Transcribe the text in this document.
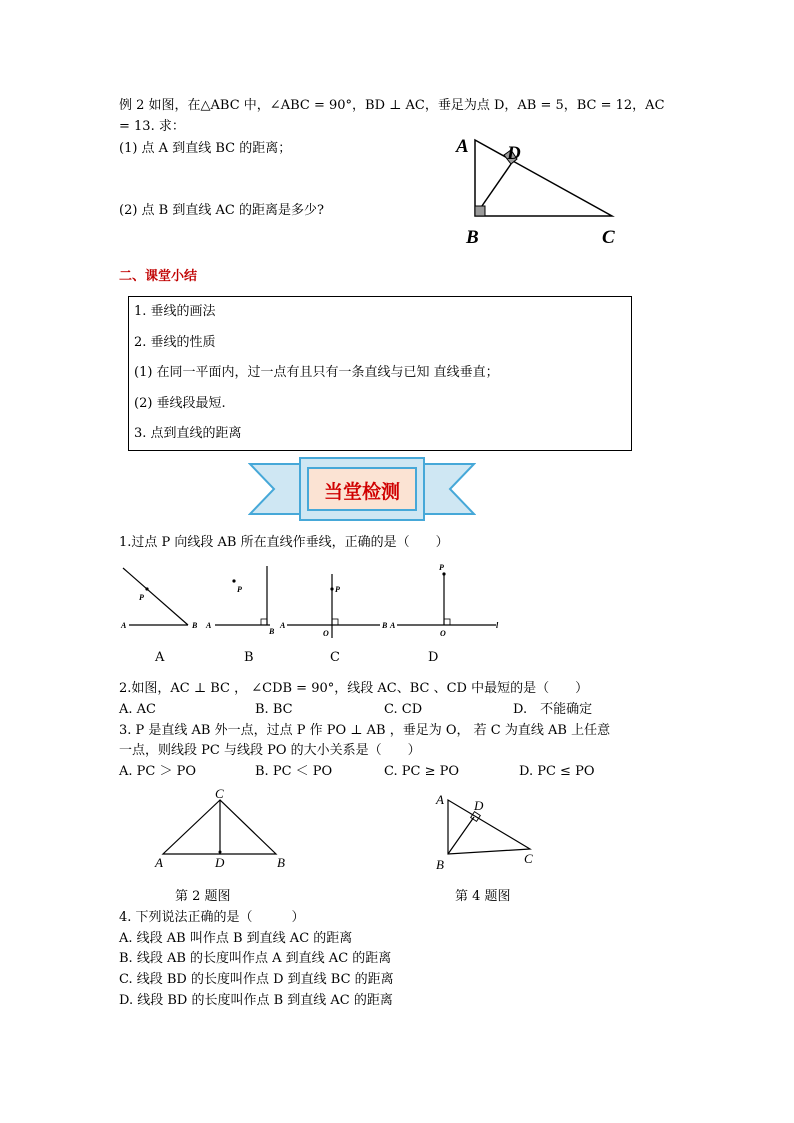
例 2 如图，在△ABC 中，∠ABC = 90°，BD ⊥ AC，垂足为点 D，AB = 5，BC = 12，AC
= 13. 求：
(1) 点 A 到直线 BC 的距离；
(2) 点 B 到直线 AC 的距离是多少?
A D
B	C
二、课堂小结
1. 垂线的画法
2. 垂线的性质
(1) 在同一平面内，过一点有且只有一条直线与已知 直线垂直；
(2) 垂线段最短.
3. 点到直线的距离
当堂检测
1.过点 P 向线段 AB 所在直线作垂线，正确的是（　　）
P
A	B
P
A
B
P
A	B
O
P
A
O
l
A	B	C	D
2.如图，AC ⊥ BC ， ∠CDB = 90°，线段 AC、BC 、CD 中最短的是（　　）
A. AC	B. BC	C. CD	D.　不能确定
3. P 是直线 AB 外一点，过点 P 作 PO ⊥ AB ，垂足为 O， 若 C 为直线 AB 上任意
一点，则线段 PC 与线段 PO 的大小关系是（　　）
A. PC ＞ PO	B. PC ＜ PO	C. PC ≥ PO	D. PC ≤ PO
C
A	D	B
A D
B	C
第 2 题图	第 4 题图
4. 下列说法正确的是（　　　）
A. 线段 AB 叫作点 B 到直线 AC 的距离
B. 线段 AB 的长度叫作点 A 到直线 AC 的距离
C. 线段 BD 的长度叫作点 D 到直线 BC 的距离
D. 线段 BD 的长度叫作点 B 到直线 AC 的距离
